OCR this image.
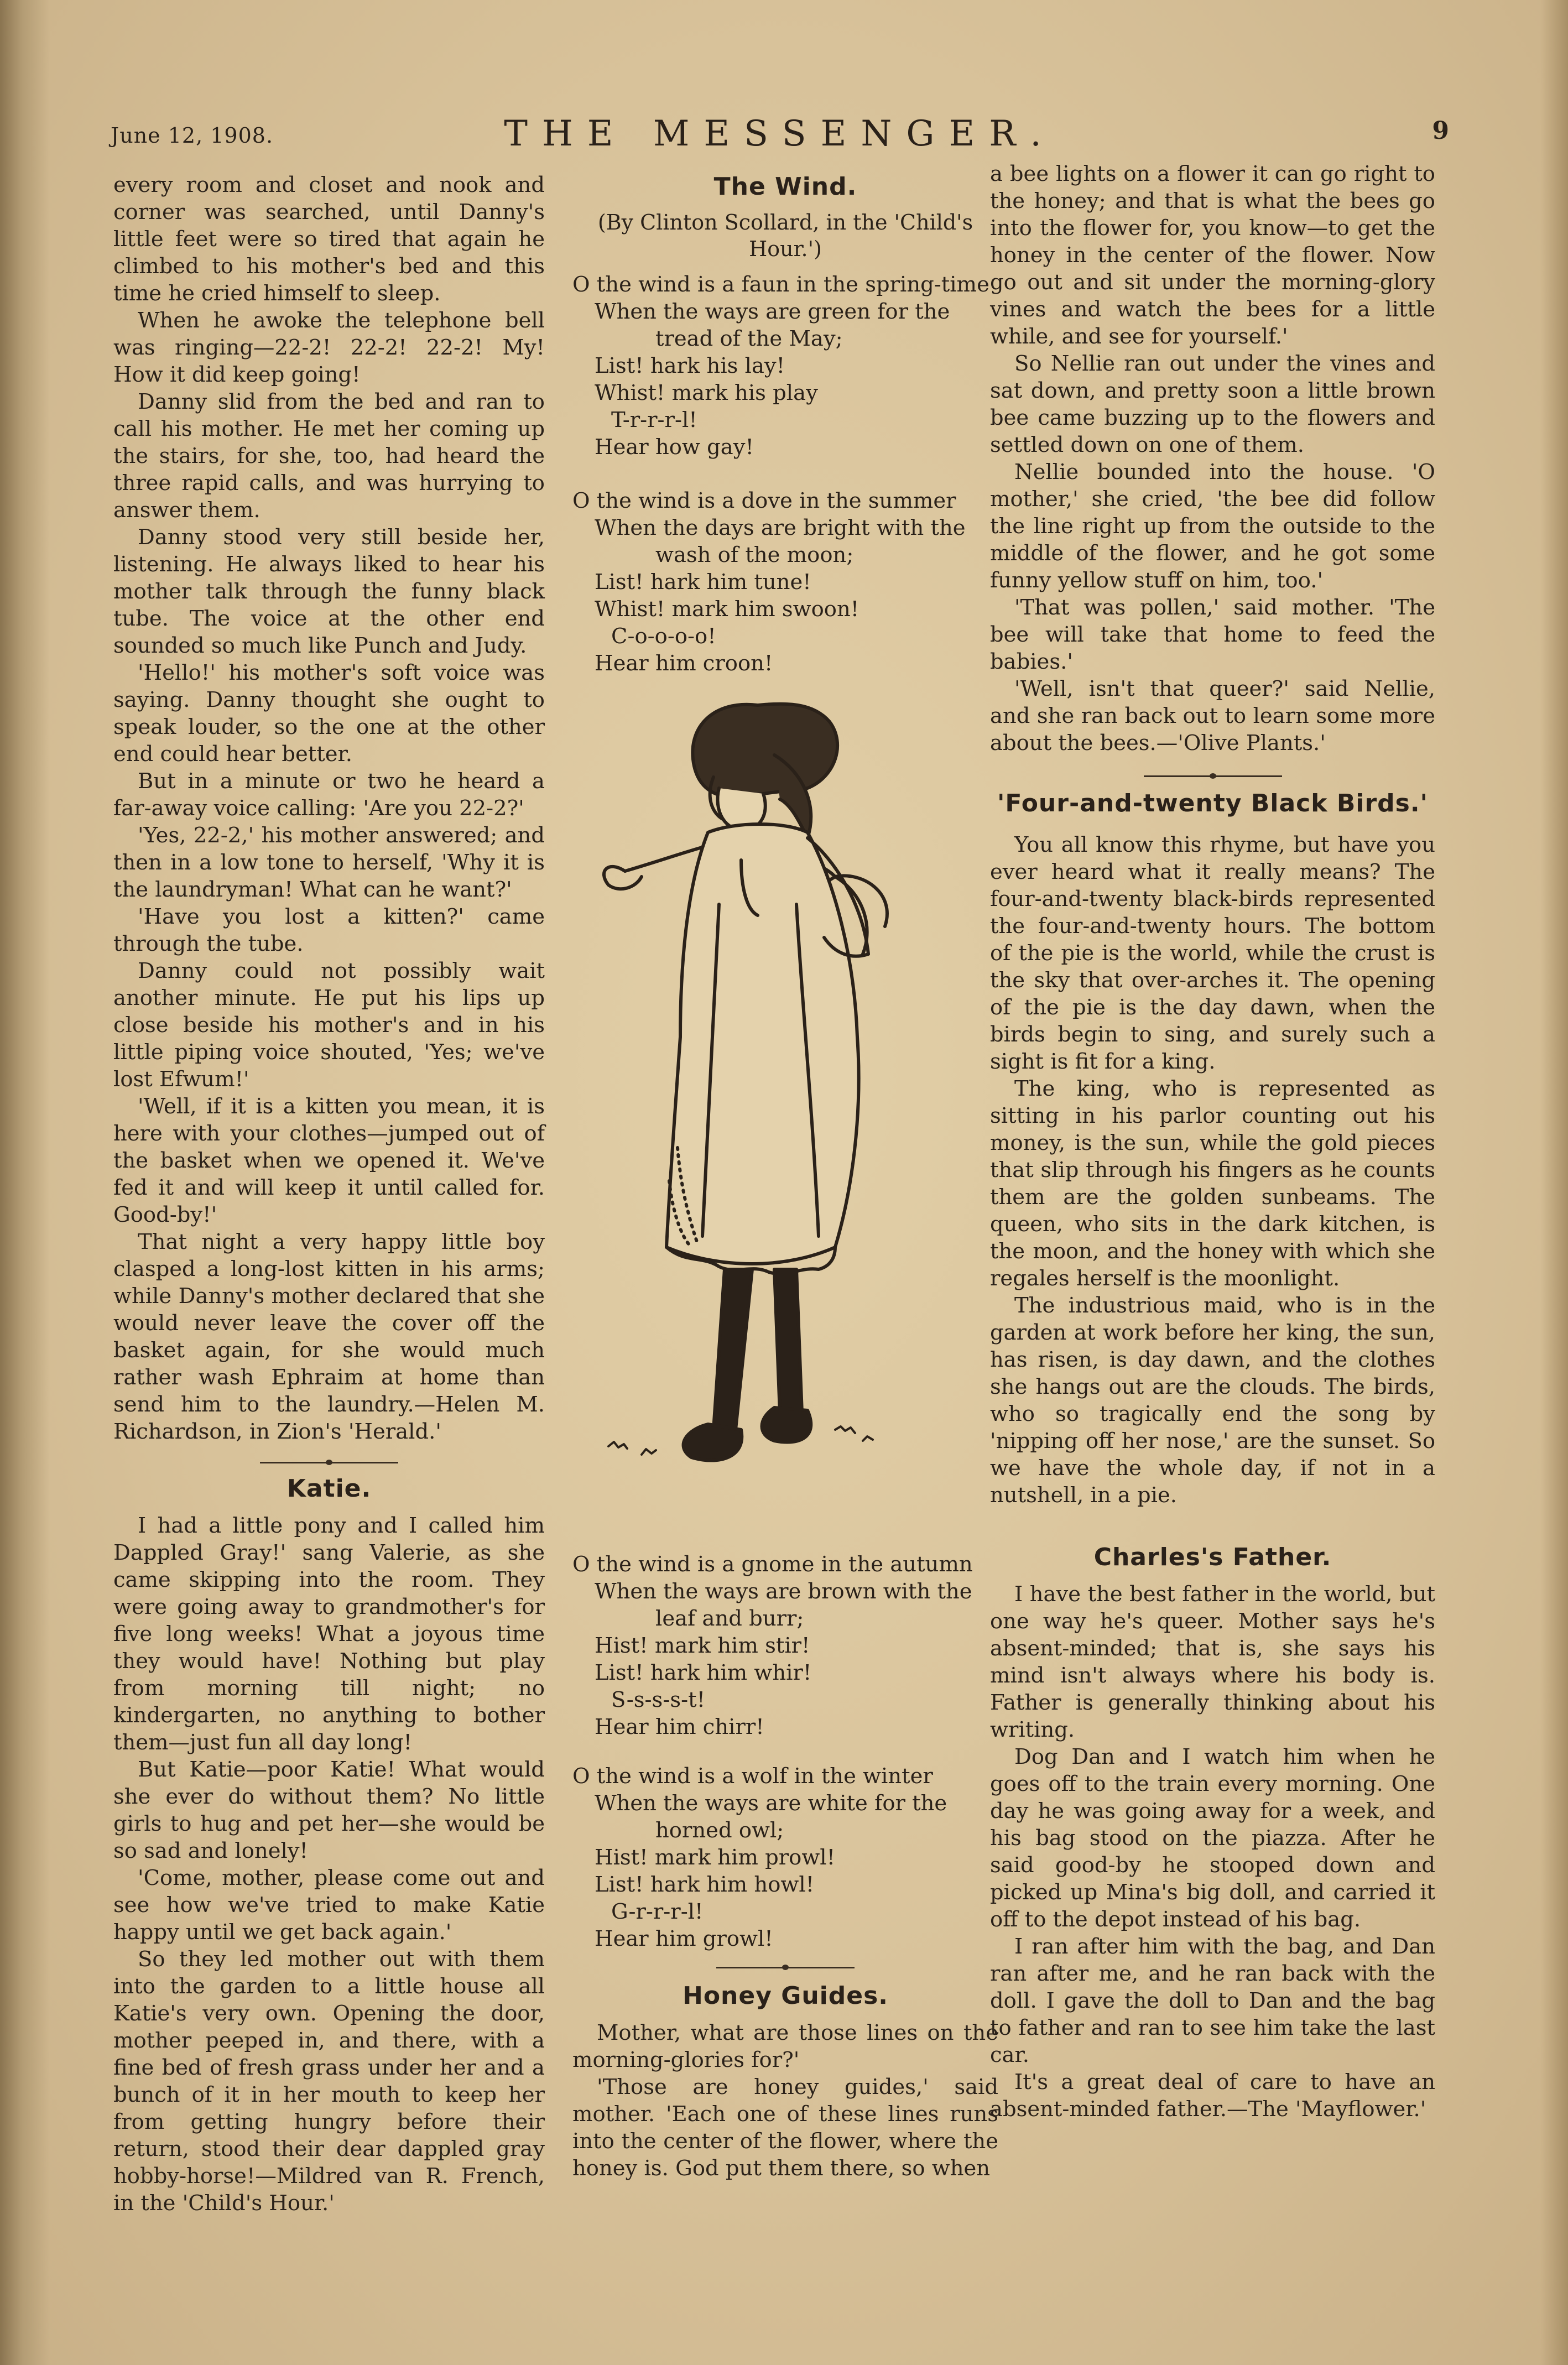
June 12, 1908.	THE MESSENGER.	9

every room and closet and nook and corner was searched, until Danny's little feet were so tired that again he climbed to his mother's bed and this time he cried himself to sleep.

When he awoke the telephone bell was ringing—22-2! 22-2! 22-2! My! How it did keep going!

Danny slid from the bed and ran to call his mother. He met her coming up the stairs, for she, too, had heard the three rapid calls, and was hurrying to answer them.

Danny stood very still beside her, listening. He always liked to hear his mother talk through the funny black tube. The voice at the other end sounded so much like Punch and Judy.

'Hello!' his mother's soft voice was saying. Danny thought she ought to speak louder, so the one at the other end could hear better.

But in a minute or two he heard a far-away voice calling: 'Are you 22-2?'

'Yes, 22-2,' his mother answered; and then in a low tone to herself, 'Why it is the laundryman! What can he want?'

'Have you lost a kitten?' came through the tube.

Danny could not possibly wait another minute. He put his lips up close beside his mother's and in his little piping voice shouted, 'Yes; we've lost Efwum!'

'Well, if it is a kitten you mean, it is here with your clothes—jumped out of the basket when we opened it. We've fed it and will keep it until called for. Good-by!'

That night a very happy little boy clasped a long-lost kitten in his arms; while Danny's mother declared that she would never leave the cover off the basket again, for she would much rather wash Ephraim at home than send him to the laundry.—Helen M. Richardson, in Zion's 'Herald.'

Katie.

I had a little pony and I called him Dappled Gray!' sang Valerie, as she came skipping into the room. They were going away to grandmother's for five long weeks! What a joyous time they would have! Nothing but play from morning till night; no kindergarten, no anything to bother them—just fun all day long!

But Katie—poor Katie! What would she ever do without them? No little girls to hug and pet her—she would be so sad and lonely!

'Come, mother, please come out and see how we've tried to make Katie happy until we get back again.'

So they led mother out with them into the garden to a little house all Katie's very own. Opening the door, mother peeped in, and there, with a fine bed of fresh grass under her and a bunch of it in her mouth to keep her from getting hungry before their return, stood their dear dappled gray hobby-horse!—Mildred van R. French, in the 'Child's Hour.'

The Wind.
(By Clinton Scollard, in the 'Child's Hour.')
O the wind is a faun in the spring-time
When the ways are green for the
tread of the May;
List! hark his lay!
Whist! mark his play
T-r-r-r-l!
Hear how gay!
O the wind is a dove in the summer
When the days are bright with the
wash of the moon;
List! hark him tune!
Whist! mark him swoon!
C-o-o-o-o!
Hear him croon!
O the wind is a gnome in the autumn
When the ways are brown with the
leaf and burr;
Hist! mark him stir!
List! hark him whir!
S-s-s-s-t!
Hear him chirr!
O the wind is a wolf in the winter
When the ways are white for the
horned owl;
Hist! mark him prowl!
List! hark him howl!
G-r-r-r-l!
Hear him growl!
Honey Guides.

Mother, what are those lines on the morning-glories for?'

'Those are honey guides,' said mother. 'Each one of these lines runs into the center of the flower, where the honey is. God put them there, so when

a bee lights on a flower it can go right to the honey; and that is what the bees go into the flower for, you know—to get the honey in the center of the flower. Now go out and sit under the morning-glory vines and watch the bees for a little while, and see for yourself.'

So Nellie ran out under the vines and sat down, and pretty soon a little brown bee came buzzing up to the flowers and settled down on one of them.

Nellie bounded into the house. 'O mother,' she cried, 'the bee did follow the line right up from the outside to the middle of the flower, and he got some funny yellow stuff on him, too.'

'That was pollen,' said mother. 'The bee will take that home to feed the babies.'

'Well, isn't that queer?' said Nellie, and she ran back out to learn some more about the bees.—'Olive Plants.'

'Four-and-twenty Black Birds.'

You all know this rhyme, but have you ever heard what it really means? The four-and-twenty black-birds represented the four-and-twenty hours. The bottom of the pie is the world, while the crust is the sky that over-arches it. The opening of the pie is the day dawn, when the birds begin to sing, and surely such a sight is fit for a king.

The king, who is represented as sitting in his parlor counting out his money, is the sun, while the gold pieces that slip through his fingers as he counts them are the golden sunbeams. The queen, who sits in the dark kitchen, is the moon, and the honey with which she regales herself is the moonlight.

The industrious maid, who is in the garden at work before her king, the sun, has risen, is day dawn, and the clothes she hangs out are the clouds. The birds, who so tragically end the song by 'nipping off her nose,' are the sunset. So we have the whole day, if not in a nutshell, in a pie.

Charles's Father.

I have the best father in the world, but one way he's queer. Mother says he's absent-minded; that is, she says his mind isn't always where his body is. Father is generally thinking about his writing.

Dog Dan and I watch him when he goes off to the train every morning. One day he was going away for a week, and his bag stood on the piazza. After he said good-by he stooped down and picked up Mina's big doll, and carried it off to the depot instead of his bag.

I ran after him with the bag, and Dan ran after me, and he ran back with the doll. I gave the doll to Dan and the bag to father and ran to see him take the last car.

It's a great deal of care to have an absent-minded father.—The 'Mayflower.'
